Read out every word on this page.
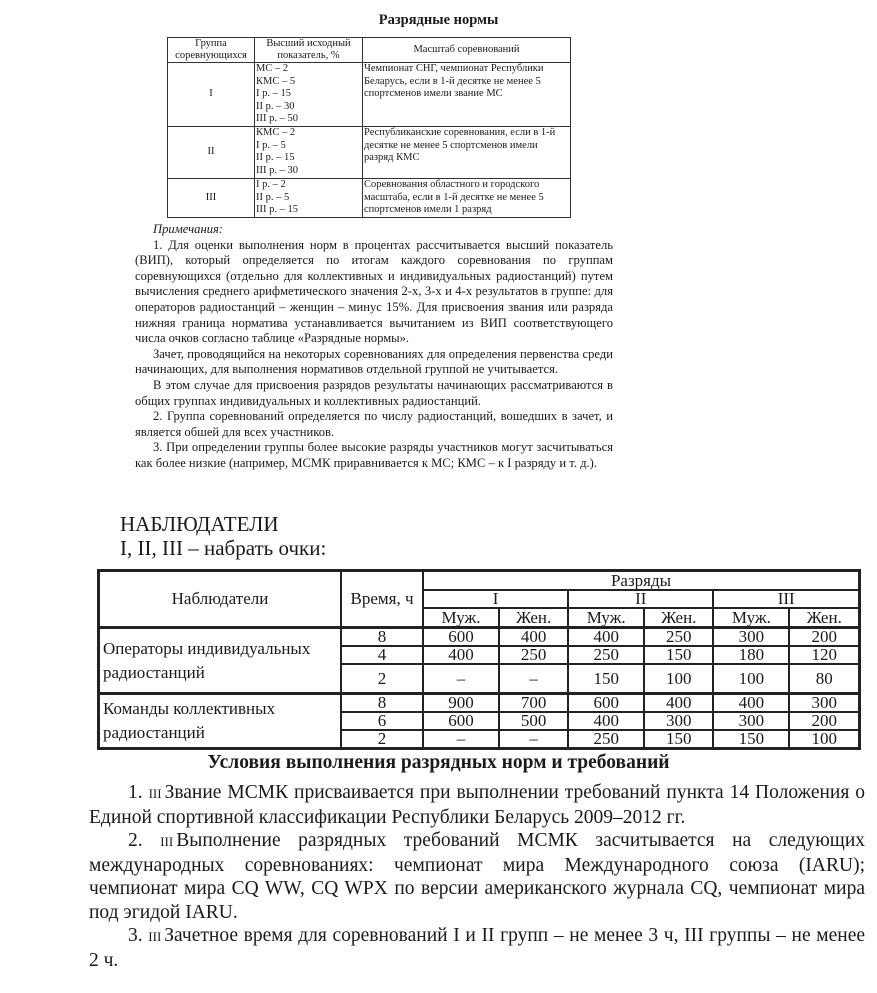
Разрядные нормы
Группа соревнующихся	Высший исходный показатель, %	Масштаб соревнований
I	МС – 2
КМС – 5
I р. – 15
II р. – 30
III р. – 50	Чемпионат СНГ, чемпионат Республики Беларусь, если в 1-й десятке не менее 5 спортсменов имели звание МС
II	КМС – 2
I р. – 5
II р. – 15
III р. – 30	Республиканские соревнования, если в 1-й десятке не менее 5 спортсменов имели разряд КМС
III	I р. – 2
II р. – 5
III р. – 15	Соревнования областного и городского масштаба, если в 1-й десятке не менее 5 спортсменов имели 1 разряд
Примечания:

1. Для оценки выполнения норм в процентах рассчитывается высший показатель (ВИП), который определяется по итогам каждого соревнования по группам соревнующихся (отдельно для коллективных и индивидуальных радиостанций) путем вычисления среднего арифметического значения 2-х, 3-х и 4-х результатов в группе: для операторов радиостанций – женщин – минус 15%. Для присвоения звания или разряда нижняя граница норматива устанавливается вычитанием из ВИП соответствующего числа очков согласно таблице «Разрядные нормы».

Зачет, проводящийся на некоторых соревнованиях для определения первенства среди начинающих, для выполнения нормативов отдельной группой не учитывается.

В этом случае для присвоения разрядов результаты начинающих рассматриваются в общих группах индивидуальных и коллективных радиостанций.

2. Группа соревнований определяется по числу радиостанций, вошедших в зачет, и является обшей для всех участников.

3. При определении группы более высокие разряды участников могут засчитываться как более низкие (например, МСМК приравнивается к МС; КМС – к I разряду и т. д.).

НАБЛЮДАТЕЛИ
I, II, III – набрать очки:
Наблюдатели	Время, ч	Разряды					
		I		II		III	
		Муж.	Жен.	Муж.	Жен.	Муж.	Жен.
Операторы индивидуальных радиостанций	8	600	400	400	250	300	200
	4	400	250	250	150	180	120
	2	–	–	150	100	100	80
Команды коллективных радиостанций	8	900	700	600	400	400	300
	6	600	500	400	300	300	200
	2	–	–	250	150	150	100
Условия выполнения разрядных норм и требований

1. III Звание МСМК присваивается при выполнении требований пункта 14 Положения о Единой спортивной классификации Республики Беларусь 2009–2012 гг.

2. III Выполнение разрядных требований МСМК засчитывается на следующих международных соревнованиях: чемпионат мира Международного союза (IARU); чемпионат мира CQ WW, CQ WPX по версии американского журнала CQ, чемпионат мира под эгидой IARU.

3. III Зачетное время для соревнований I и II групп – не менее 3 ч, III группы – не менее 2 ч.
